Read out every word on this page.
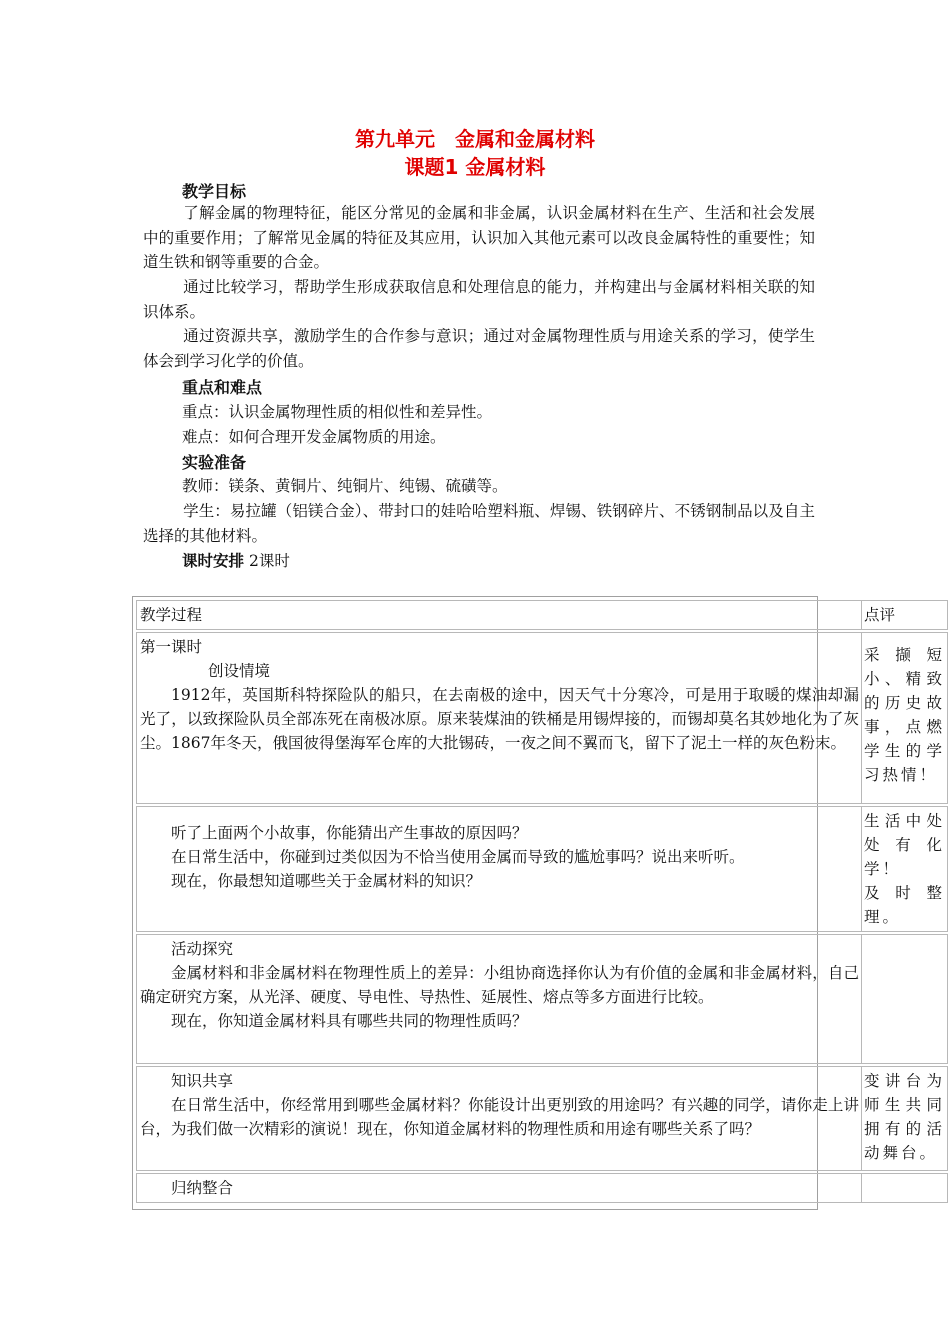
第九单元　金属和金属材料
课题1 金属材料
教学目标
了解金属的物理特征，能区分常见的金属和非金属，认识金属材料在生产、生活和社会发展中的重要作用；了解常见金属的特征及其应用，认识加入其他元素可以改良金属特性的重要性；知道生铁和钢等重要的合金。
通过比较学习，帮助学生形成获取信息和处理信息的能力，并构建出与金属材料相关联的知识体系。
通过资源共享，激励学生的合作参与意识；通过对金属物理性质与用途关系的学习，使学生体会到学习化学的价值。
重点和难点
重点：认识金属物理性质的相似性和差异性。
难点：如何合理开发金属物质的用途。
实验准备
教师：镁条、黄铜片、纯铜片、纯锡、硫磺等。
学生：易拉罐（铝镁合金）、带封口的娃哈哈塑料瓶、焊锡、铁钢碎片、不锈钢制品以及自主选择的其他材料。
课时安排 2课时
教学过程	点评

第一课时

创设情境

1912年，英国斯科特探险队的船只，在去南极的途中，因天气十分寒冷，可是用于取暖的煤油却漏光了，以致探险队员全部冻死在南极冰原。原来装煤油的铁桶是用锡焊接的，而锡却莫名其妙地化为了灰尘。1867年冬天，俄国彼得堡海军仓库的大批锡砖，一夜之间不翼而飞，留下了泥土一样的灰色粉末。

采撷短小、精致的历史故事，点燃学生的学习热情！

听了上面两个小故事，你能猜出产生事故的原因吗？

在日常生活中，你碰到过类似因为不恰当使用金属而导致的尴尬事吗？说出来听听。

现在，你最想知道哪些关于金属材料的知识？

生活中处处有化学！
及时整理。

活动探究

金属材料和非金属材料在物理性质上的差异：小组协商选择你认为有价值的金属和非金属材料，自己确定研究方案，从光泽、硬度、导电性、导热性、延展性、熔点等多方面进行比较。

现在，你知道金属材料具有哪些共同的物理性质吗？

知识共享

在日常生活中，你经常用到哪些金属材料？你能设计出更别致的用途吗？有兴趣的同学，请你走上讲台，为我们做一次精彩的演说！现在，你知道金属材料的物理性质和用途有哪些关系了吗？

变讲台为师生共同拥有的活动舞台。

归纳整合
